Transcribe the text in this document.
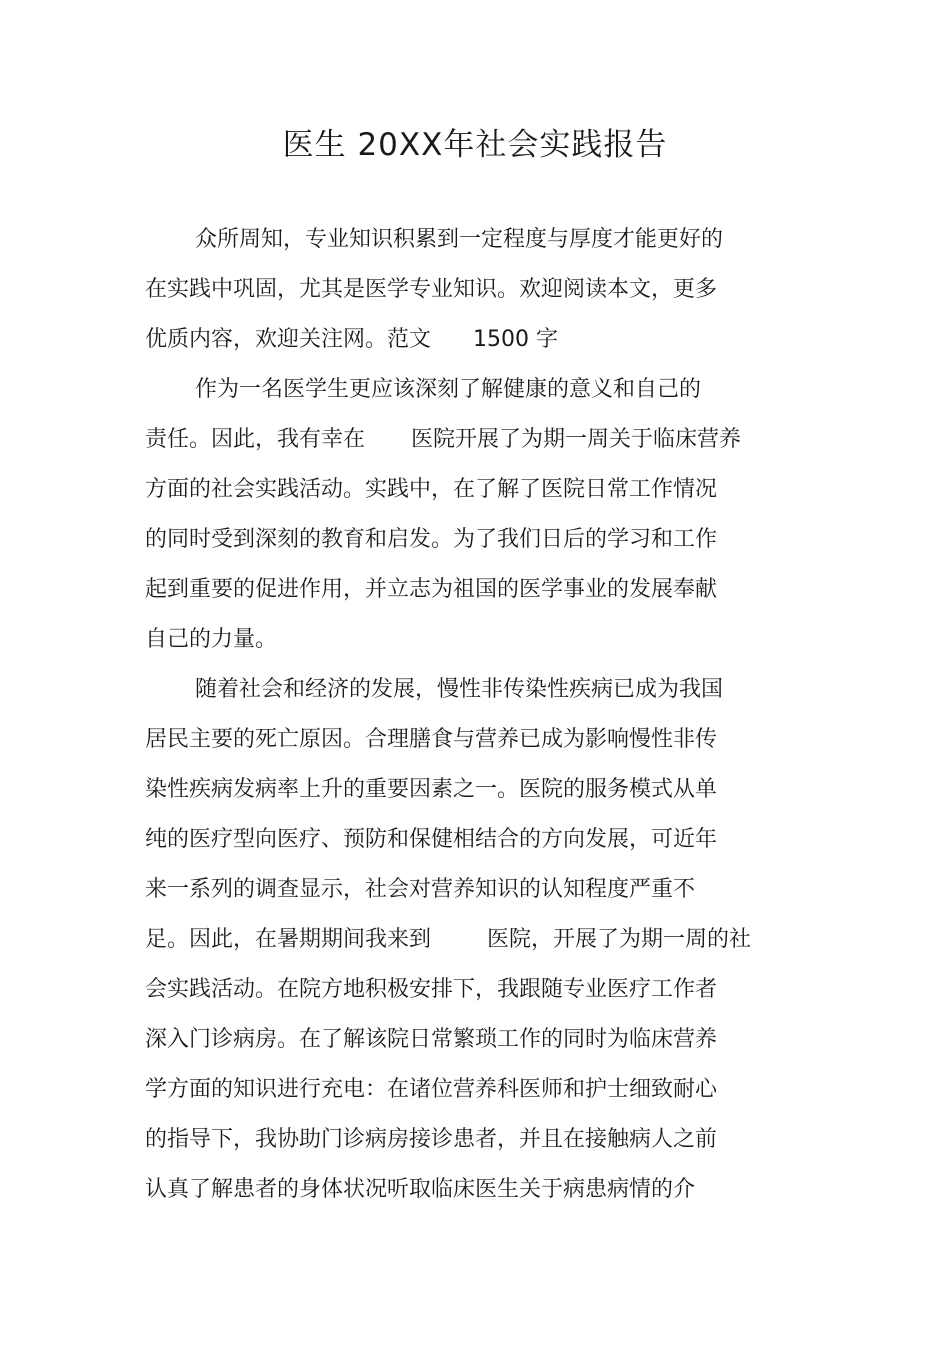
医生 20XX年社会实践报告
众所周知，专业知识积累到一定程度与厚度才能更好的
在实践中巩固，尤其是医学专业知识。欢迎阅读本文，更多
优质内容，欢迎关注网。范文 1500 字
作为一名医学生更应该深刻了解健康的意义和自己的
责任。因此，我有幸在 医院开展了为期一周关于临床营养
方面的社会实践活动。实践中，在了解了医院日常工作情况
的同时受到深刻的教育和启发。为了我们日后的学习和工作
起到重要的促进作用，并立志为祖国的医学事业的发展奉献
自己的力量。
随着社会和经济的发展，慢性非传染性疾病已成为我国
居民主要的死亡原因。合理膳食与营养已成为影响慢性非传
染性疾病发病率上升的重要因素之一。医院的服务模式从单
纯的医疗型向医疗、预防和保健相结合的方向发展，可近年
来一系列的调查显示，社会对营养知识的认知程度严重不
足。因此，在暑期期间我来到	医院，开展了为期一周的社
会实践活动。在院方地积极安排下，我跟随专业医疗工作者
深入门诊病房。在了解该院日常繁琐工作的同时为临床营养
学方面的知识进行充电：在诸位营养科医师和护士细致耐心
的指导下，我协助门诊病房接诊患者，并且在接触病人之前
认真了解患者的身体状况听取临床医生关于病患病情的介
